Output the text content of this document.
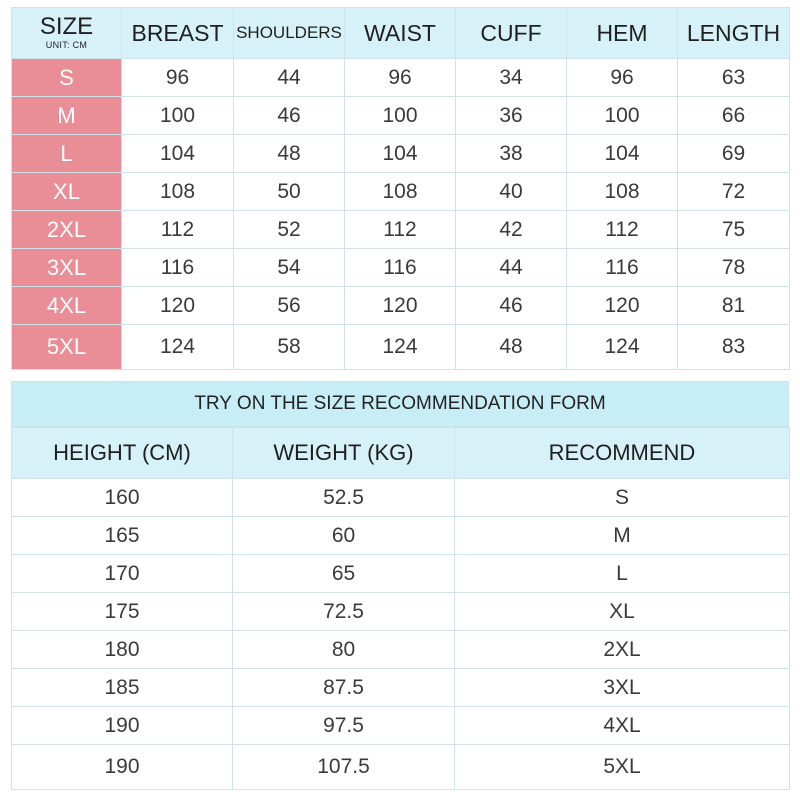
SIZE
UNIT: CM	BREAST	SHOULDERS	WAIST	CUFF	HEM	LENGTH
S	96	44	96	34	96	63
M	100	46	100	36	100	66
L	104	48	104	38	104	69
XL	108	50	108	40	108	72
2XL	112	52	112	42	112	75
3XL	116	54	116	44	116	78
4XL	120	56	120	46	120	81
5XL	124	58	124	48	124	83
TRY ON THE SIZE RECOMMENDATION FORM
HEIGHT (CM)	WEIGHT (KG)	RECOMMEND
160	52.5	S
165	60	M
170	65	L
175	72.5	XL
180	80	2XL
185	87.5	3XL
190	97.5	4XL
190	107.5	5XL
